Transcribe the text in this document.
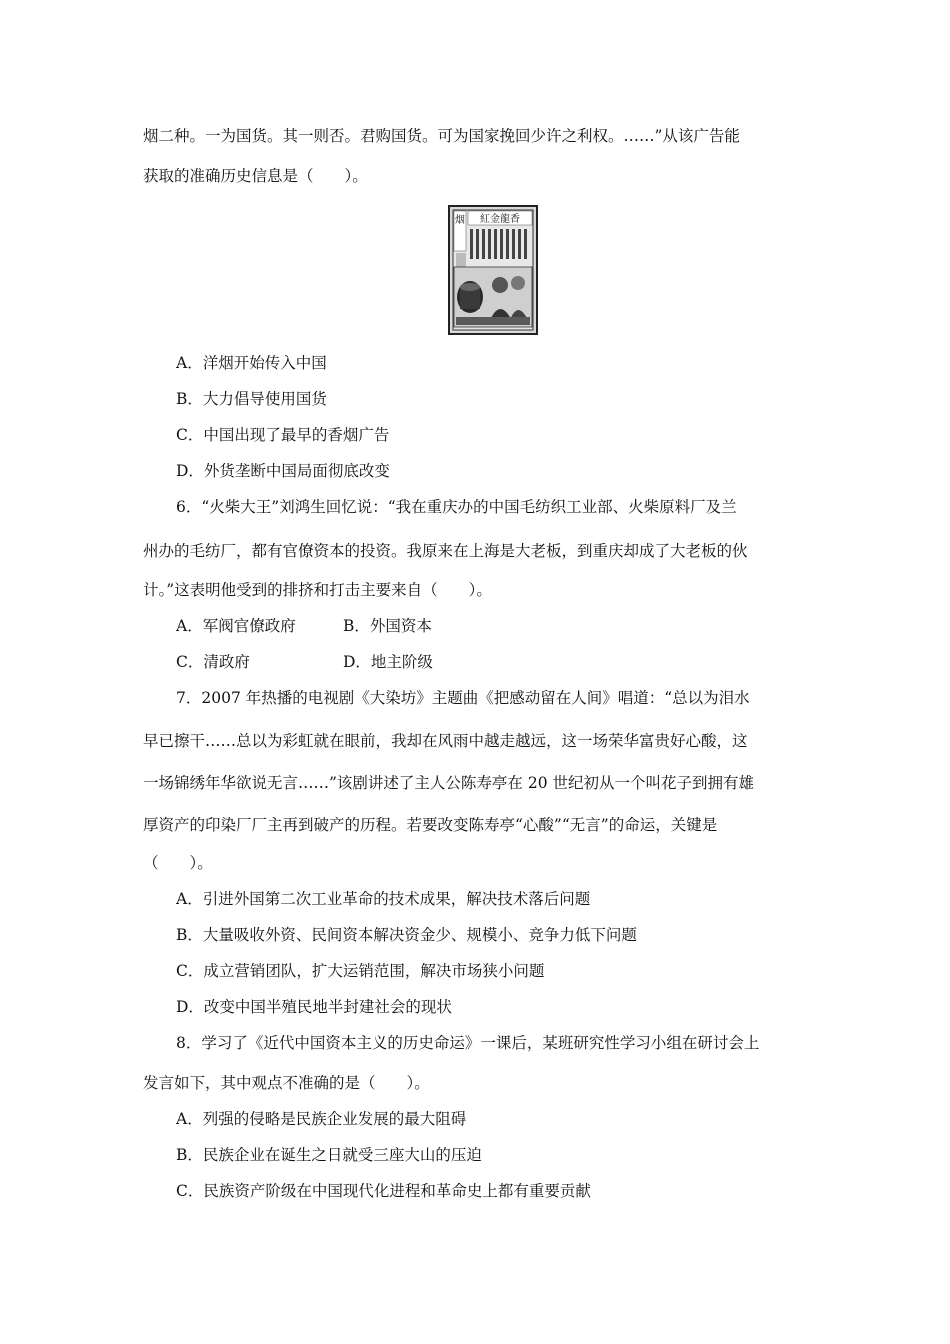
烟二种。一为国货。其一则否。君购国货。可为国家挽回少许之利权。……”从该广告能
获取的准确历史信息是（　　）。
烟 紅金龍香
A．洋烟开始传入中国
B．大力倡导使用国货
C．中国出现了最早的香烟广告
D．外货垄断中国局面彻底改变
6．“火柴大王”刘鸿生回忆说：“我在重庆办的中国毛纺织工业部、火柴原料厂及兰
州办的毛纺厂，都有官僚资本的投资。我原来在上海是大老板，到重庆却成了大老板的伙
计。”这表明他受到的排挤和打击主要来自（　　）。
A．军阀官僚政府	B．外国资本
C．清政府	D．地主阶级
7．2007 年热播的电视剧《大染坊》主题曲《把感动留在人间》唱道：“总以为泪水
早已擦干……总以为彩虹就在眼前，我却在风雨中越走越远，这一场荣华富贵好心酸，这
一场锦绣年华欲说无言……”该剧讲述了主人公陈寿亭在 20 世纪初从一个叫花子到拥有雄
厚资产的印染厂厂主再到破产的历程。若要改变陈寿亭“心酸”“无言”的命运，关键是
（　　）。
A．引进外国第二次工业革命的技术成果，解决技术落后问题
B．大量吸收外资、民间资本解决资金少、规模小、竞争力低下问题
C．成立营销团队，扩大运销范围，解决市场狭小问题
D．改变中国半殖民地半封建社会的现状
8．学习了《近代中国资本主义的历史命运》一课后，某班研究性学习小组在研讨会上
发言如下，其中观点不准确的是（　　）。
A．列强的侵略是民族企业发展的最大阻碍
B．民族企业在诞生之日就受三座大山的压迫
C．民族资产阶级在中国现代化进程和革命史上都有重要贡献
